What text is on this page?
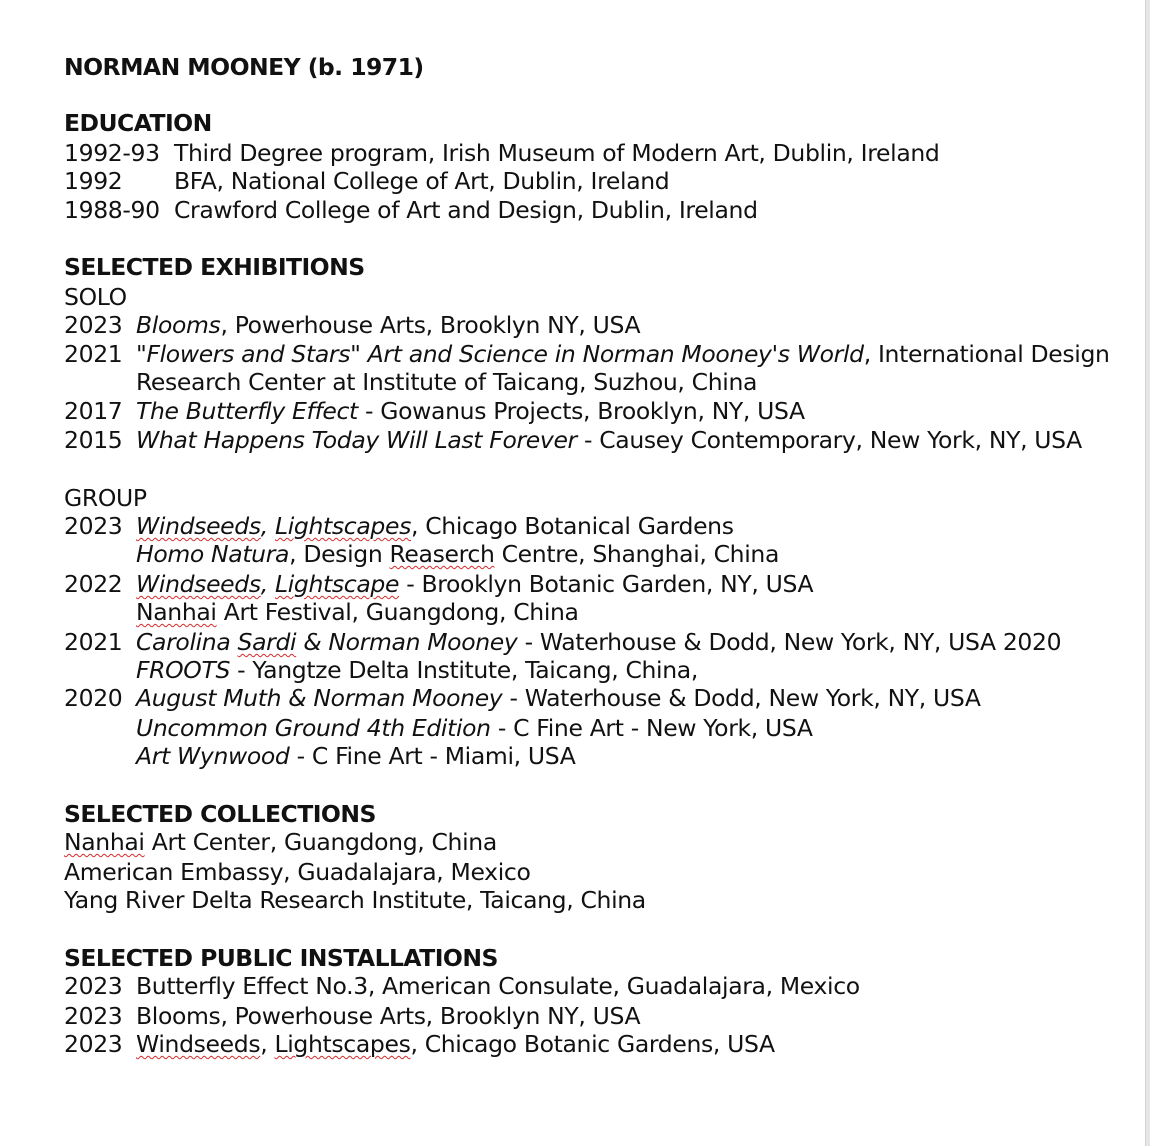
NORMAN MOONEY (b. 1971)
EDUCATION
1992-93 Third Degree program, Irish Museum of Modern Art, Dublin, Ireland
1992 BFA, National College of Art, Dublin, Ireland
1988-90 Crawford College of Art and Design, Dublin, Ireland
SELECTED EXHIBITIONS
SOLO
2023 Blooms, Powerhouse Arts, Brooklyn NY, USA
2021 "Flowers and Stars" Art and Science in Norman Mooney's World, International Design
Research Center at Institute of Taicang, Suzhou, China
2017 The Butterfly Effect - Gowanus Projects, Brooklyn, NY, USA
2015 What Happens Today Will Last Forever - Causey Contemporary, New York, NY, USA
GROUP
2023 Windseeds, Lightscapes, Chicago Botanical Gardens
Homo Natura, Design Reaserch Centre, Shanghai, China
2022 Windseeds, Lightscape - Brooklyn Botanic Garden, NY, USA
Nanhai Art Festival, Guangdong, China
2021 Carolina Sardi & Norman Mooney - Waterhouse & Dodd, New York, NY, USA 2020
FROOTS - Yangtze Delta Institute, Taicang, China,
2020 August Muth & Norman Mooney - Waterhouse & Dodd, New York, NY, USA
Uncommon Ground 4th Edition - C Fine Art - New York, USA
Art Wynwood - C Fine Art - Miami, USA
SELECTED COLLECTIONS
Nanhai Art Center, Guangdong, China
American Embassy, Guadalajara, Mexico
Yang River Delta Research Institute, Taicang, China
SELECTED PUBLIC INSTALLATIONS
2023 Butterfly Effect No.3, American Consulate, Guadalajara, Mexico
2023 Blooms, Powerhouse Arts, Brooklyn NY, USA
2023 Windseeds, Lightscapes, Chicago Botanic Gardens, USA
